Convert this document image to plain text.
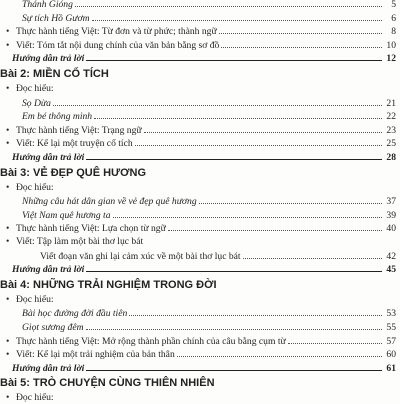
Thánh Gióng	5
Sự tích Hồ Gươm	6
• Thực hành tiếng Việt: Từ đơn và từ phức; thành ngữ	8
• Viết: Tóm tắt nội dung chính của văn bản bằng sơ đồ	10
Hướng dẫn trả lời	12
Bài 2: MIỀN CỔ TÍCH
• Đọc hiểu:
Sọ Dừa	21
Em bé thông minh	22
• Thực hành tiếng Việt: Trạng ngữ	23
• Viết: Kể lại một truyện cổ tích	25
Hướng dẫn trả lời	28
Bài 3: VẺ ĐẸP QUÊ HƯƠNG
• Đọc hiểu:
Những câu hát dân gian về vẻ đẹp quê hương	37
Việt Nam quê hương ta	39
• Thực hành tiếng Việt: Lựa chọn từ ngữ	40
• Viết: Tập làm một bài thơ lục bát
Viết đoạn văn ghi lại cảm xúc về một bài thơ lục bát	42
Hướng dẫn trả lời	45
Bài 4: NHỮNG TRẢI NGHIỆM TRONG ĐỜI
• Đọc hiểu:
Bài học đường đời đầu tiên	53
Giọt sương đêm	55
• Thực hành tiếng Việt: Mở rộng thành phần chính của câu bằng cụm từ	57
• Viết: Kể lại một trải nghiệm của bản thân	60
Hướng dẫn trả lời	61
Bài 5: TRÒ CHUYỆN CÙNG THIÊN NHIÊN
• Đọc hiểu:
